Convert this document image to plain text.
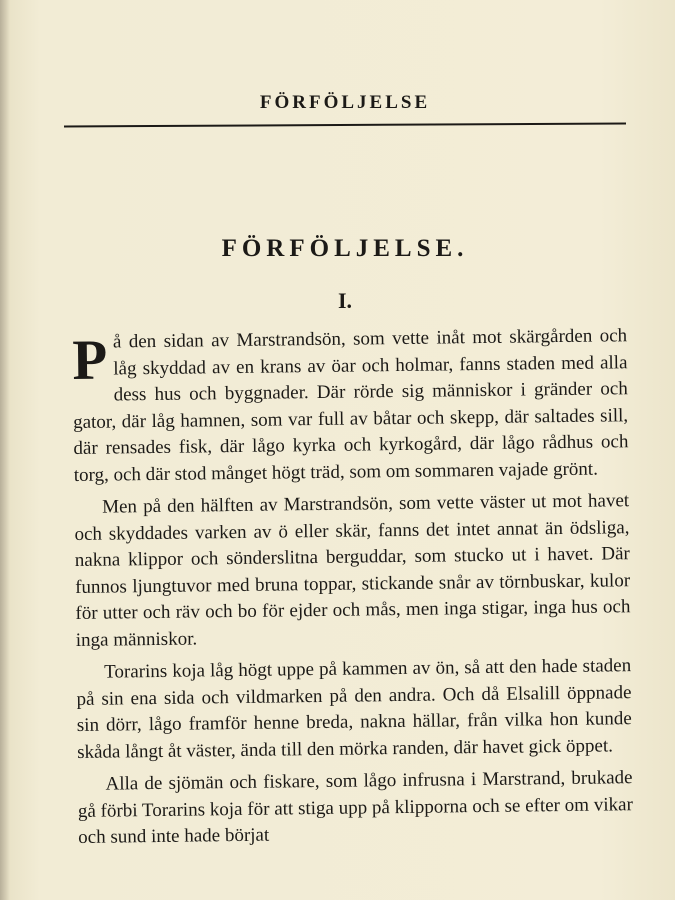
FÖRFÖLJELSE
FÖRFÖLJELSE.
I.

På den sidan av Marstrandsön, som vette inåt mot skärgården och låg skyddad av en krans av öar och holmar, fanns staden med alla dess hus och byggnader. Där rörde sig människor i gränder och gator, där låg hamnen, som var full av båtar och skepp, där saltades sill, där rensades fisk, där lågo kyrka och kyrkogård, där lågo rådhus och torg, och där stod månget högt träd, som om sommaren vajade grönt.

Men på den hälften av Marstrandsön, som vette väster ut mot havet och skyddades varken av ö eller skär, fanns det intet annat än ödsliga, nakna klippor och sönderslitna berguddar, som stucko ut i havet. Där funnos ljungtuvor med bruna toppar, stickande snår av törnbuskar, kulor för utter och räv och bo för ejder och mås, men inga stigar, inga hus och inga människor.

Torarins koja låg högt uppe på kammen av ön, så att den hade staden på sin ena sida och vildmarken på den andra. Och då Elsalill öppnade sin dörr, lågo framför henne breda, nakna hällar, från vilka hon kunde skåda långt åt väster, ända till den mörka randen, där havet gick öppet.

Alla de sjömän och fiskare, som lågo infrusna i Marstrand, brukade gå förbi Torarins koja för att stiga upp på klipporna och se efter om vikar och sund inte hade börjat
